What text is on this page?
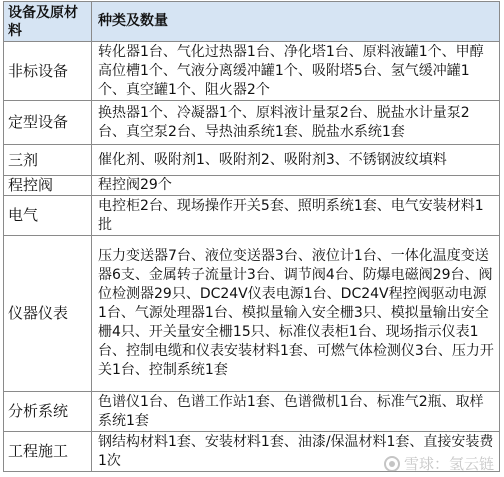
设备及原材料	种类及数量
非标设备	转化器1台、气化过热器1台、净化塔1台、原料液罐1个、甲醇高位槽1个、气液分离缓冲罐1个、吸附塔5台、氢气缓冲罐1个、真空罐1个、阻火器2个
定型设备	换热器1个、冷凝器1个、原料液计量泵2台、脱盐水计量泵2台、真空泵2台、导热油系统1套、脱盐水系统1套
三剂	催化剂、吸附剂1、吸附剂2、吸附剂3、不锈钢波纹填料
程控阀	程控阀29个
电气	电控柜2台、现场操作开关5套、照明系统1套、电气安装材料1批
仪器仪表	压力变送器7台、液位变送器3台、液位计1台、一体化温度变送器6支、金属转子流量计3台、调节阀4台、防爆电磁阀29台、阀位检测器29只、DC24V仪表电源1台、DC24V程控阀驱动电源1台、气源处理器1台、模拟量输入安全栅3只、模拟量输出安全栅4只、开关量安全栅15只、标准仪表柜1台、现场指示仪表1台、控制电缆和仪表安装材料1套、可燃气体检测仪3台、压力开关1台、控制系统1套
分析系统	色谱仪1台、色谱工作站1套、色谱微机1台、标准气2瓶、取样系统1套
工程施工	钢结构材料1套、安装材料1套、油漆/保温材料1套、直接安装费1次	雪球：氢云链
